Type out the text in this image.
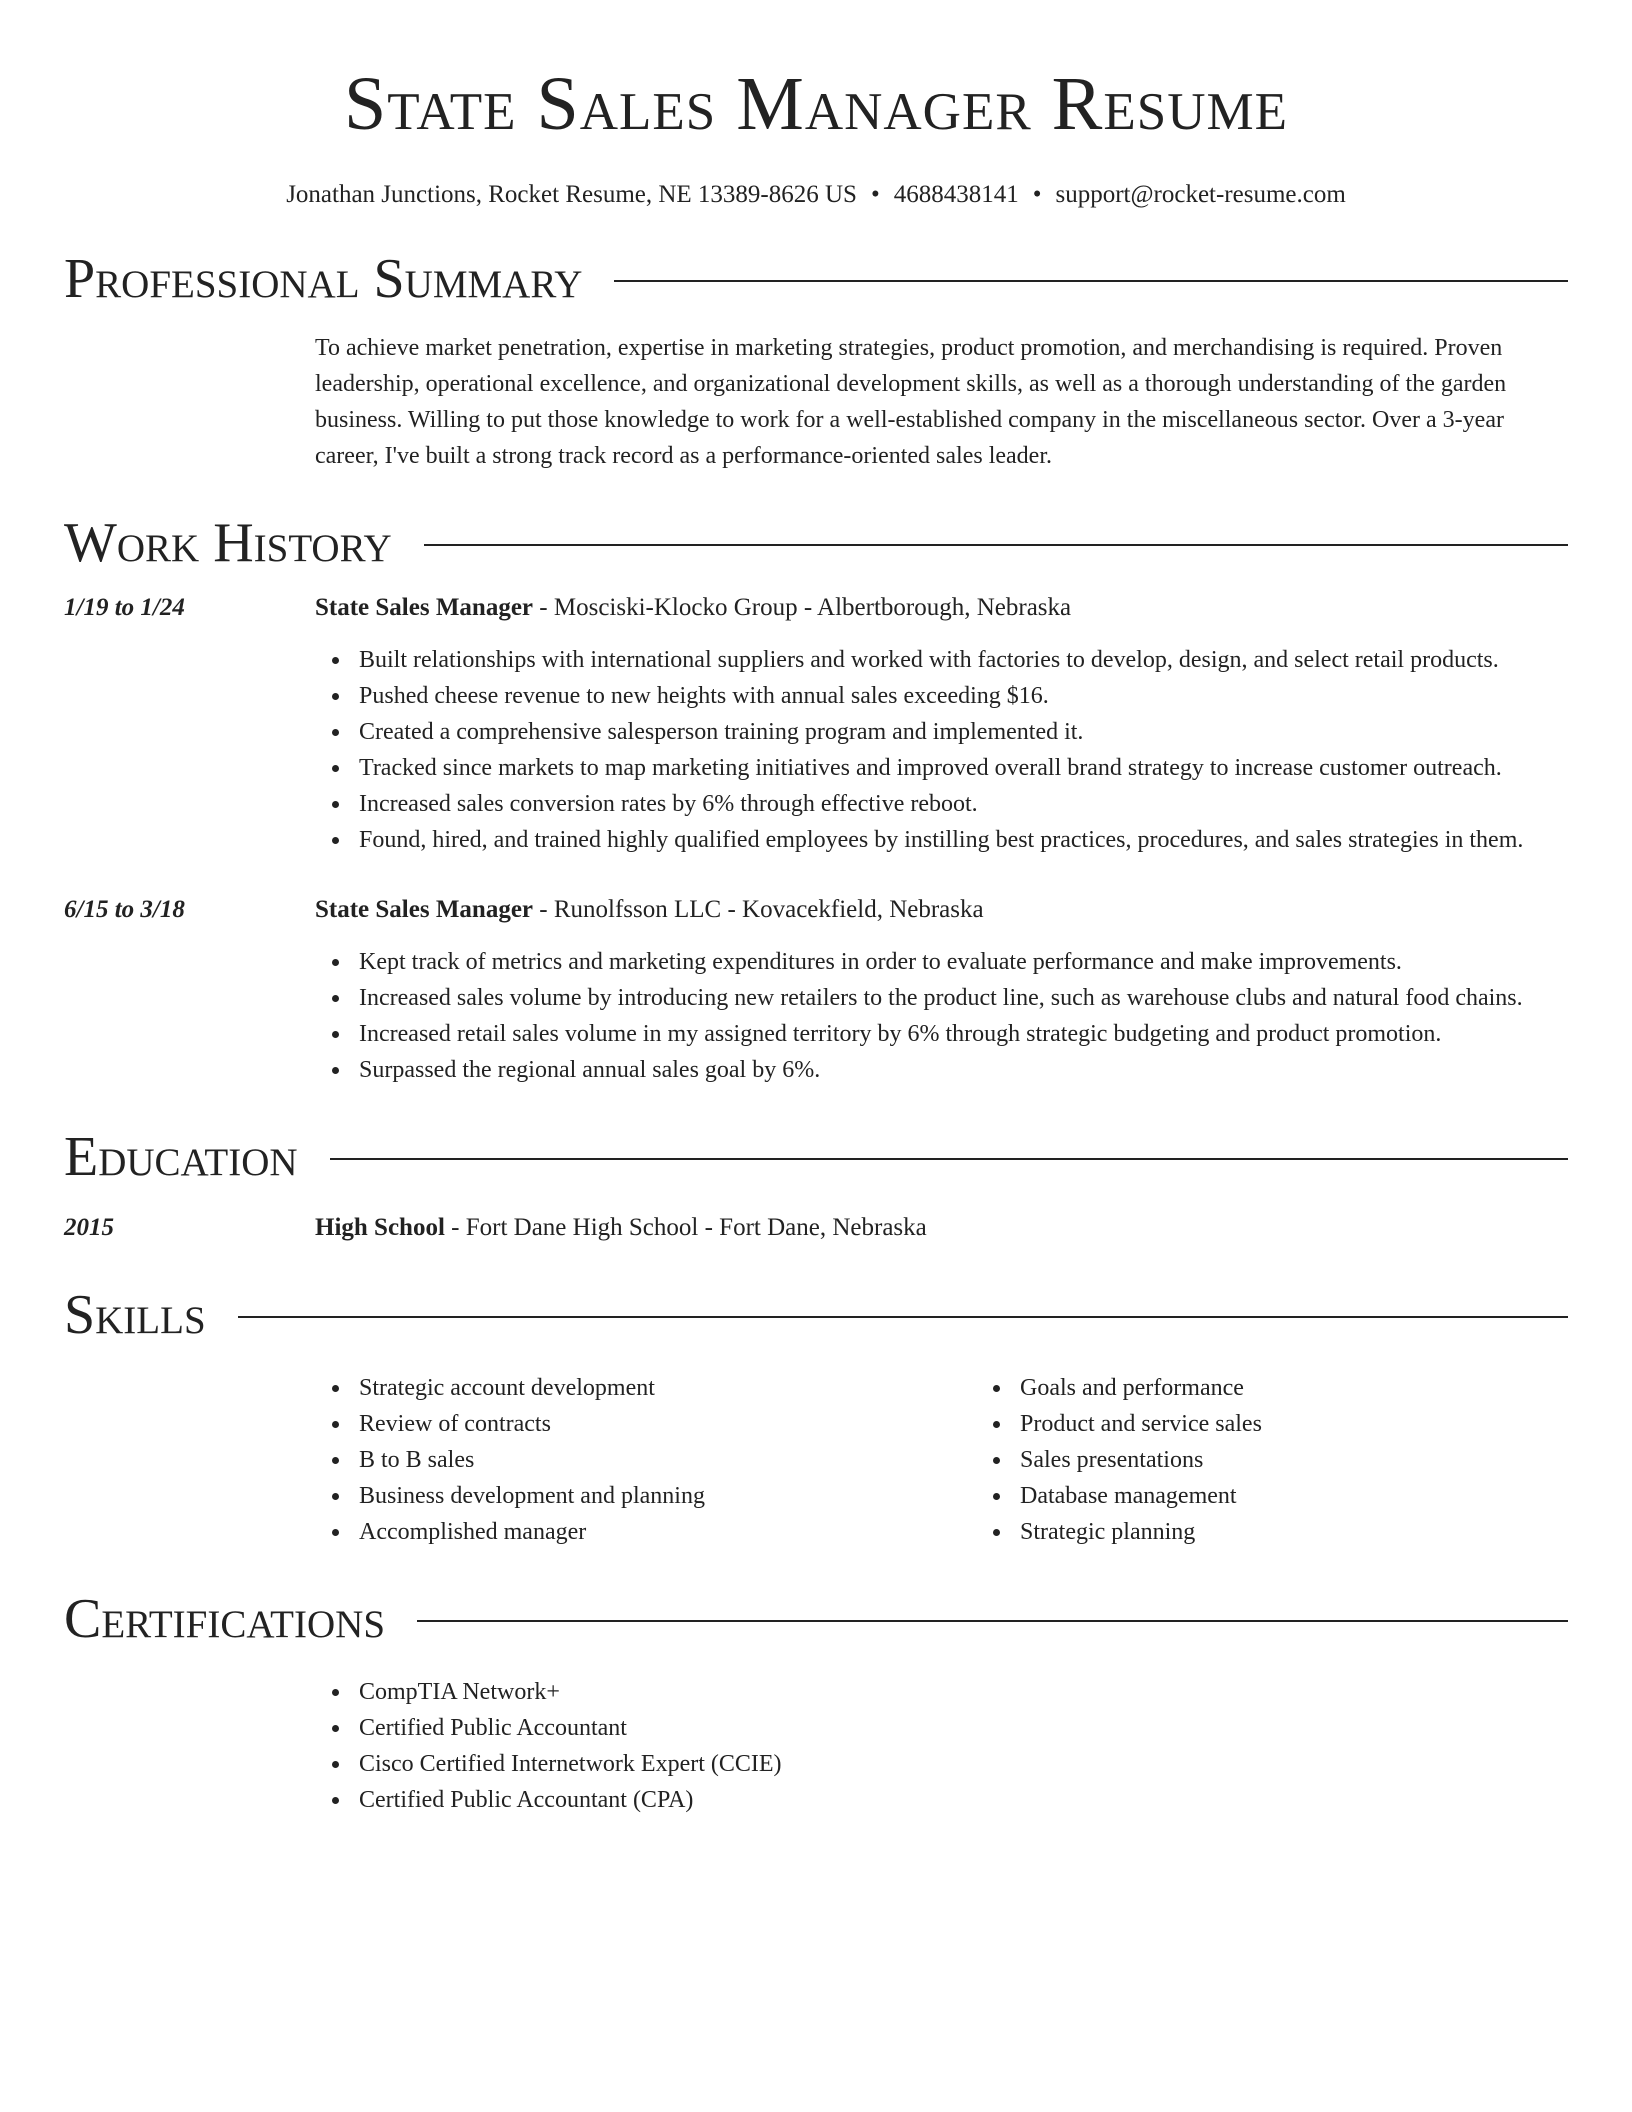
State Sales Manager Resume
Jonathan Junctions, Rocket Resume, NE 13389-8626 US • 4688438141 • support@rocket-resume.com
Professional Summary
To achieve market penetration, expertise in marketing strategies, product promotion, and merchandising is required. Proven leadership, operational excellence, and organizational development skills, as well as a thorough understanding of the garden business. Willing to put those knowledge to work for a well-established company in the miscellaneous sector. Over a 3-year career, I've built a strong track record as a performance-oriented sales leader.
Work History
1/19 to 1/24	State Sales Manager - Mosciski-Klocko Group - Albertborough, Nebraska
Built relationships with international suppliers and worked with factories to develop, design, and select retail products.
Pushed cheese revenue to new heights with annual sales exceeding $16.
Created a comprehensive salesperson training program and implemented it.
Tracked since markets to map marketing initiatives and improved overall brand strategy to increase customer outreach.
Increased sales conversion rates by 6% through effective reboot.
Found, hired, and trained highly qualified employees by instilling best practices, procedures, and sales strategies in them.
6/15 to 3/18	State Sales Manager - Runolfsson LLC - Kovacekfield, Nebraska
Kept track of metrics and marketing expenditures in order to evaluate performance and make improvements.
Increased sales volume by introducing new retailers to the product line, such as warehouse clubs and natural food chains.
Increased retail sales volume in my assigned territory by 6% through strategic budgeting and product promotion.
Surpassed the regional annual sales goal by 6%.
Education
2015	High School - Fort Dane High School - Fort Dane, Nebraska
Skills
Strategic account development
Review of contracts
B to B sales
Business development and planning
Accomplished manager
Goals and performance
Product and service sales
Sales presentations
Database management
Strategic planning
Certifications
CompTIA Network+
Certified Public Accountant
Cisco Certified Internetwork Expert (CCIE)
Certified Public Accountant (CPA)
